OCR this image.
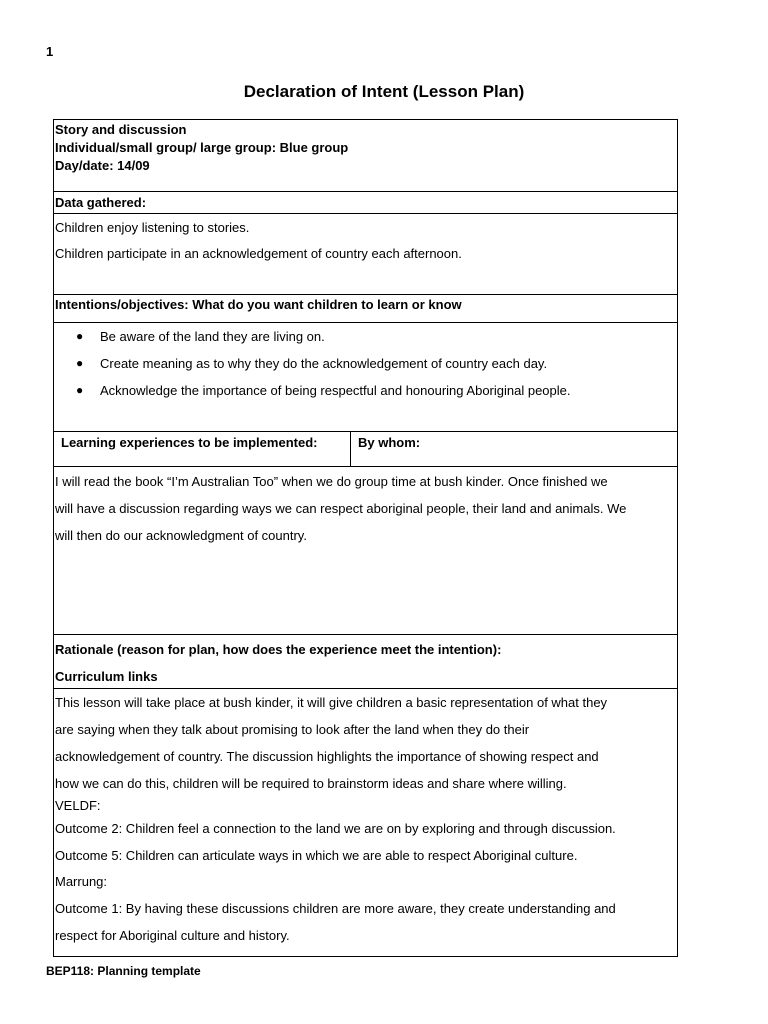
1
Declaration of Intent (Lesson Plan)
Story and discussion
Individual/small group/ large group: Blue group
Day/date: 14/09
Data gathered:
Children enjoy listening to stories.
Children participate in an acknowledgement of country each afternoon.
Intentions/objectives: What do you want children to learn or know
● Be aware of the land they are living on.
● Create meaning as to why they do the acknowledgement of country each day.
● Acknowledge the importance of being respectful and honouring Aboriginal people.
Learning experiences to be implemented:	By whom:
I will read the book “I’m Australian Too” when we do group time at bush kinder. Once finished we
will have a discussion regarding ways we can respect aboriginal people, their land and animals. We
will then do our acknowledgment of country.
Rationale (reason for plan, how does the experience meet the intention):
Curriculum links
This lesson will take place at bush kinder, it will give children a basic representation of what they
are saying when they talk about promising to look after the land when they do their
acknowledgement of country. The discussion highlights the importance of showing respect and
how we can do this, children will be required to brainstorm ideas and share where willing.
VELDF:
Outcome 2: Children feel a connection to the land we are on by exploring and through discussion.
Outcome 5: Children can articulate ways in which we are able to respect Aboriginal culture.
Marrung:
Outcome 1: By having these discussions children are more aware, they create understanding and
respect for Aboriginal culture and history.
BEP118: Planning template
